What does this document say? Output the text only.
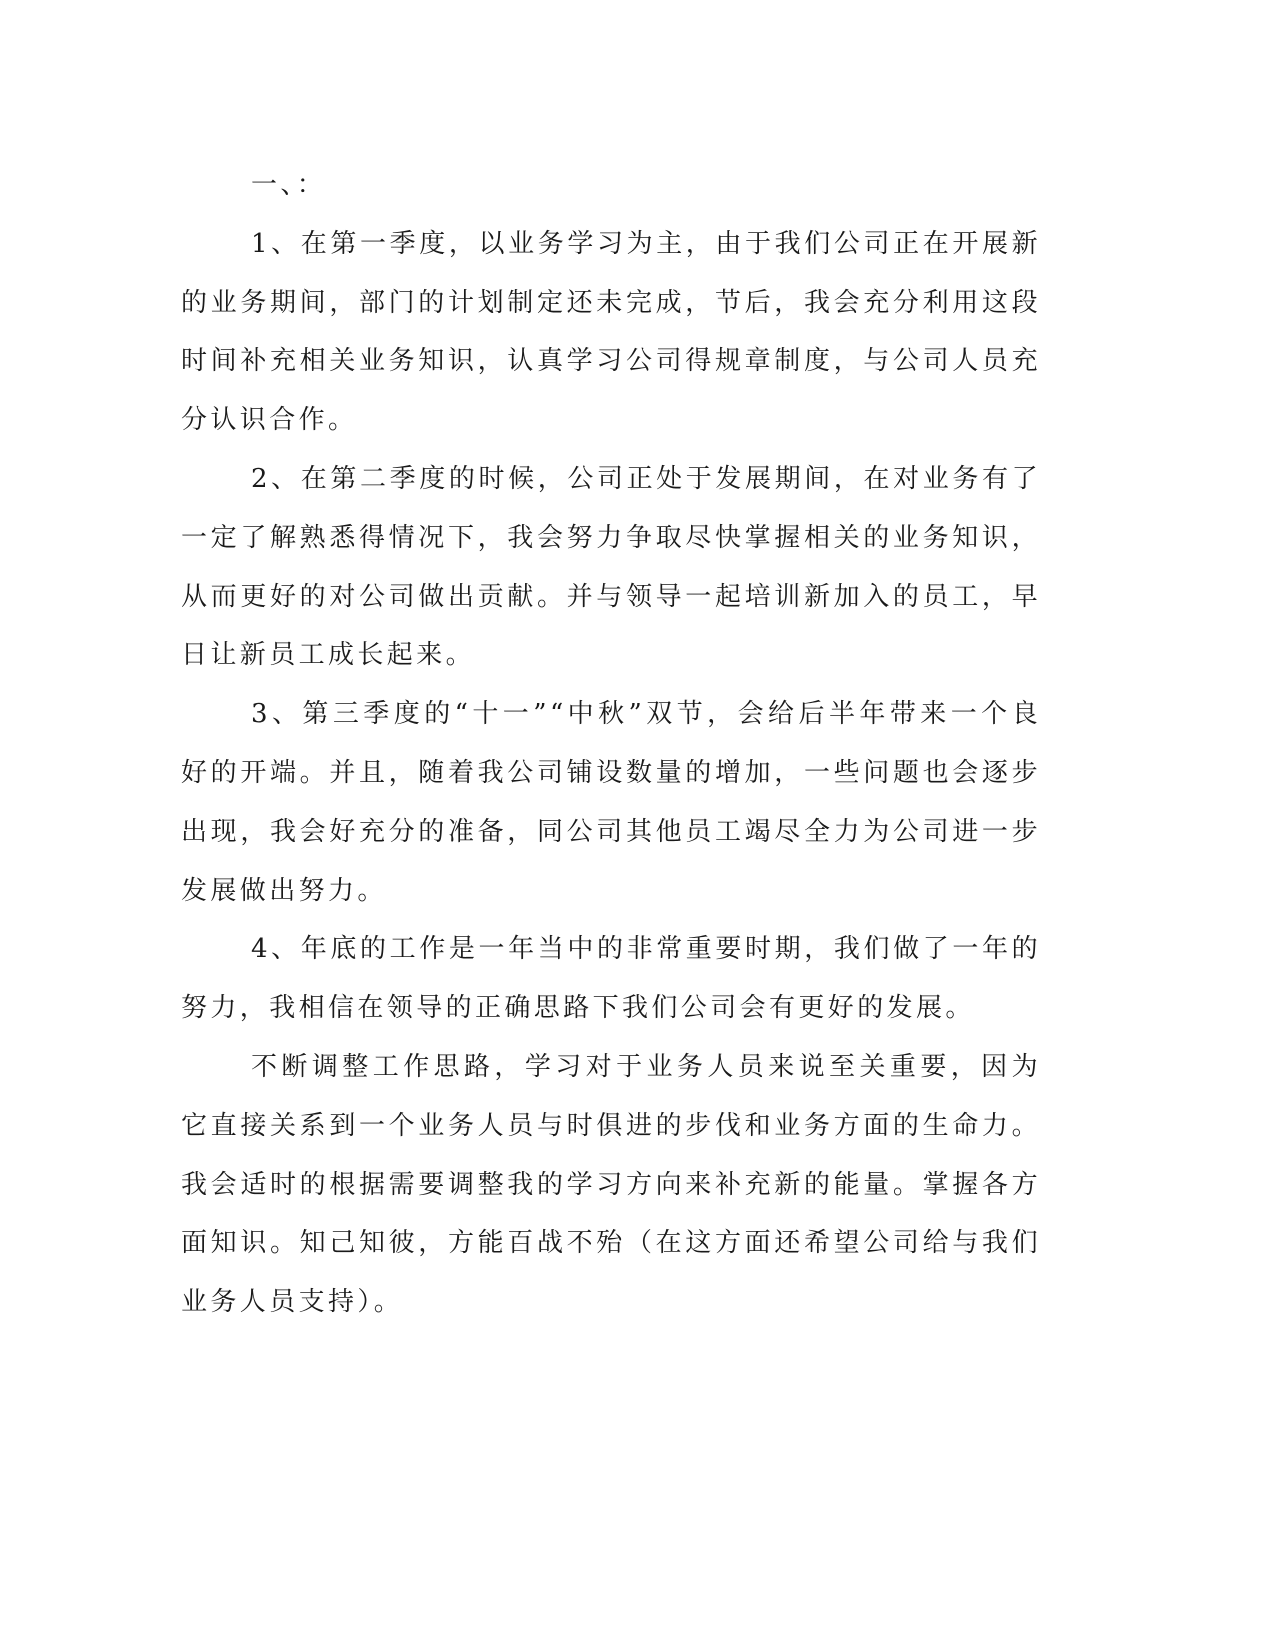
一、：

1、在第一季度，以业务学习为主，由于我们公司正在开展新的业务期间，部门的计划制定还未完成，节后，我会充分利用这段时间补充相关业务知识，认真学习公司得规章制度，与公司人员充分认识合作。

2、在第二季度的时候，公司正处于发展期间，在对业务有了一定了解熟悉得情况下，我会努力争取尽快掌握相关的业务知识，从而更好的对公司做出贡献。并与领导一起培训新加入的员工，早日让新员工成长起来。

3、第三季度的“十一”“中秋”双节，会给后半年带来一个良好的开端。并且，随着我公司铺设数量的增加，一些问题也会逐步出现，我会好充分的准备，同公司其他员工竭尽全力为公司进一步发展做出努力。

4、年底的工作是一年当中的非常重要时期，我们做了一年的努力，我相信在领导的正确思路下我们公司会有更好的发展。

不断调整工作思路，学习对于业务人员来说至关重要，因为它直接关系到一个业务人员与时俱进的步伐和业务方面的生命力。我会适时的根据需要调整我的学习方向来补充新的能量。掌握各方面知识。知己知彼，方能百战不殆（在这方面还希望公司给与我们业务人员支持）。
